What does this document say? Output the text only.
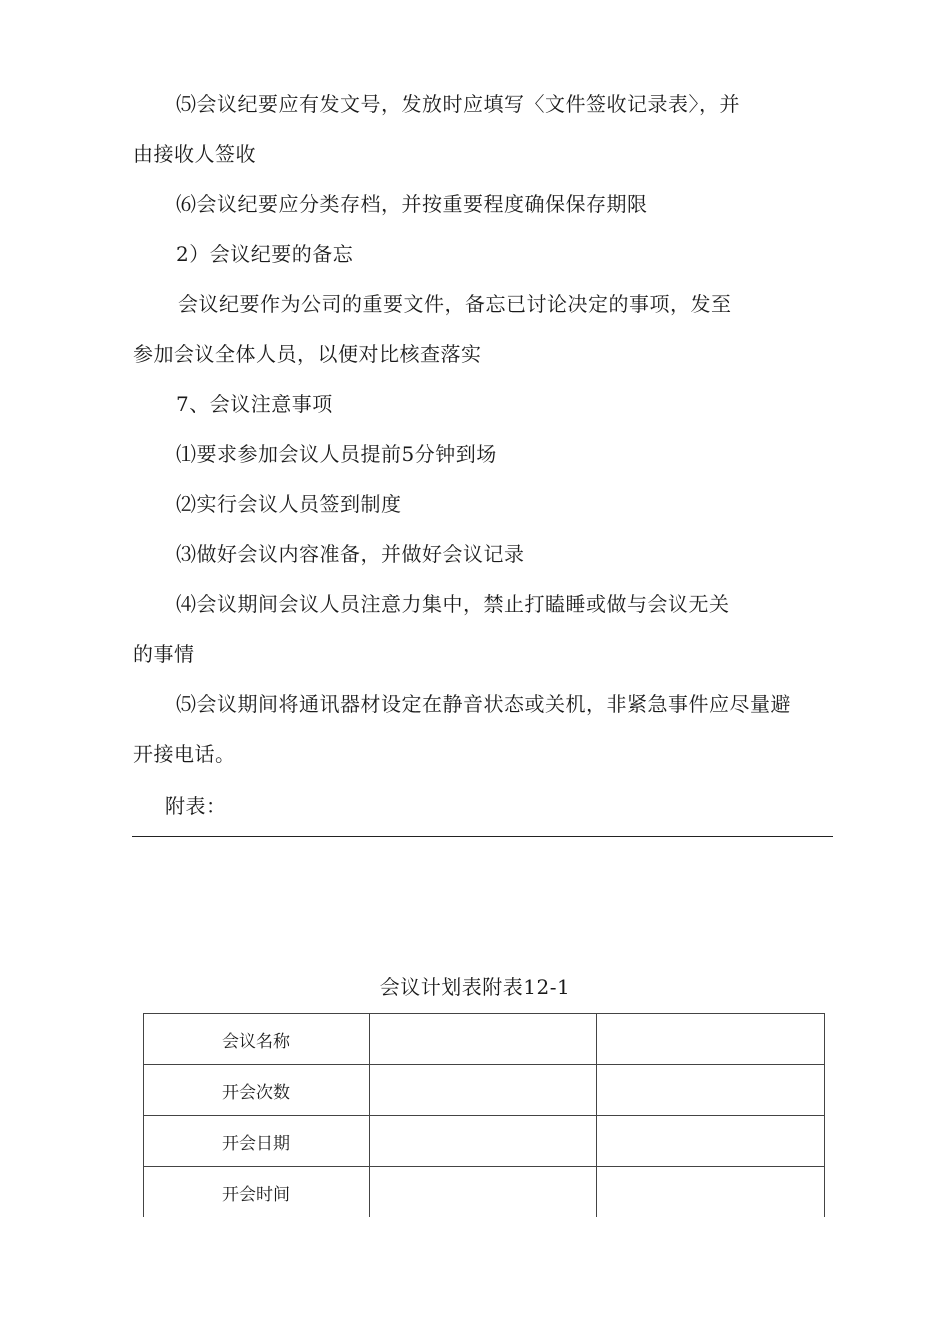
⑸会议纪要应有发文号，发放时应填写〈文件签收记录表〉，并
由接收人签收
⑹会议纪要应分类存档，并按重要程度确保保存期限
2）会议纪要的备忘
会议纪要作为公司的重要文件，备忘已讨论决定的事项，发至
参加会议全体人员，以便对比核查落实
7、会议注意事项
⑴要求参加会议人员提前5分钟到场
⑵实行会议人员签到制度
⑶做好会议内容准备，并做好会议记录
⑷会议期间会议人员注意力集中，禁止打瞌睡或做与会议无关
的事情
⑸会议期间将通讯器材设定在静音状态或关机，非紧急事件应尽量避
开接电话。
附表：
会议计划表附表12-1
会议名称		
开会次数		
开会日期		
开会时间		
